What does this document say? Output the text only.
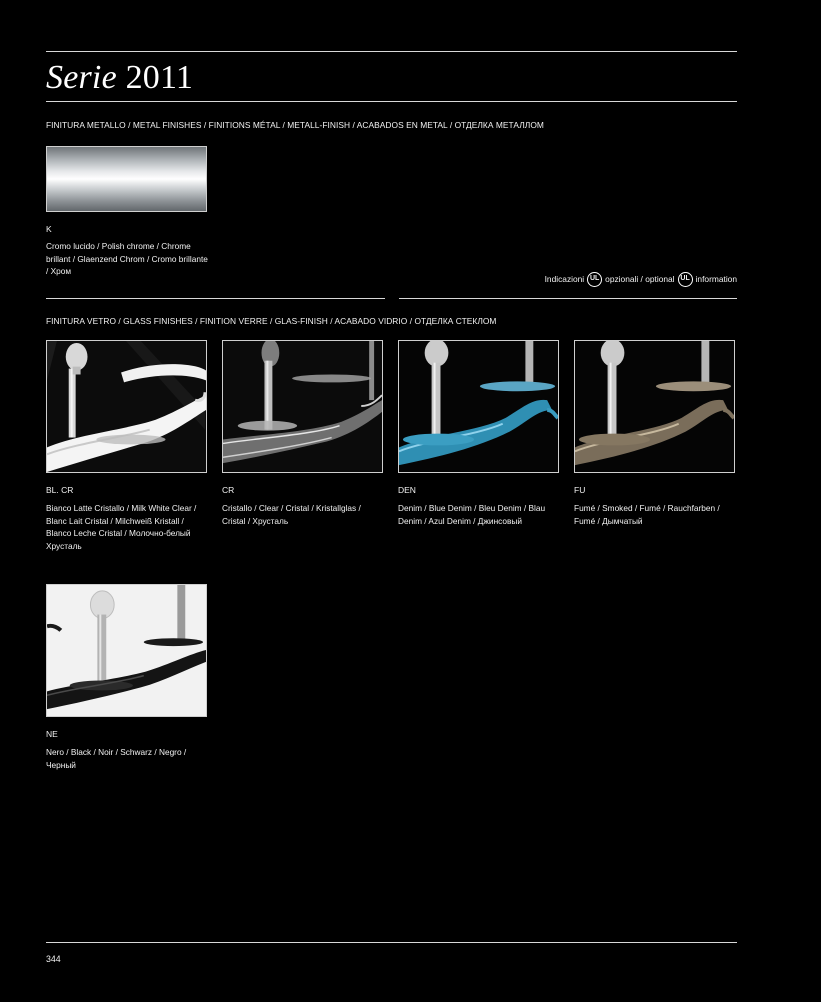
Serie 2011
FINITURA METALLO / METAL FINISHES / FINITIONS MÉTAL / METALL-FINISH / ACABADOS EN METAL / ОТДЕЛКА МЕТАЛЛОМ
K
Cromo lucido / Polish chrome / Chrome brillant / Glaenzend Chrom / Cromo brillante / Хром
Indicazioni UL opzionali / optional UL information
FINITURA VETRO / GLASS FINISHES / FINITION VERRE / GLAS-FINISH / ACABADO VIDRIO / ОТДЕЛКА СТЕКЛОМ
BL. CR
Bianco Latte Cristallo / Milk White Clear / Blanc Lait Cristal / Milchweiß Kristall / Blanco Leche Cristal / Молочно-белый Хрусталь
CR
Cristallo / Clear / Cristal / Kristallglas / Cristal / Хрусталь
DEN
Denim / Blue Denim / Bleu Denim / Blau Denim / Azul Denim / Джинсовый
FU
Fumé / Smoked / Fumé / Rauchfarben / Fumé / Дымчатый
NE
Nero / Black / Noir / Schwarz / Negro / Черный
344
